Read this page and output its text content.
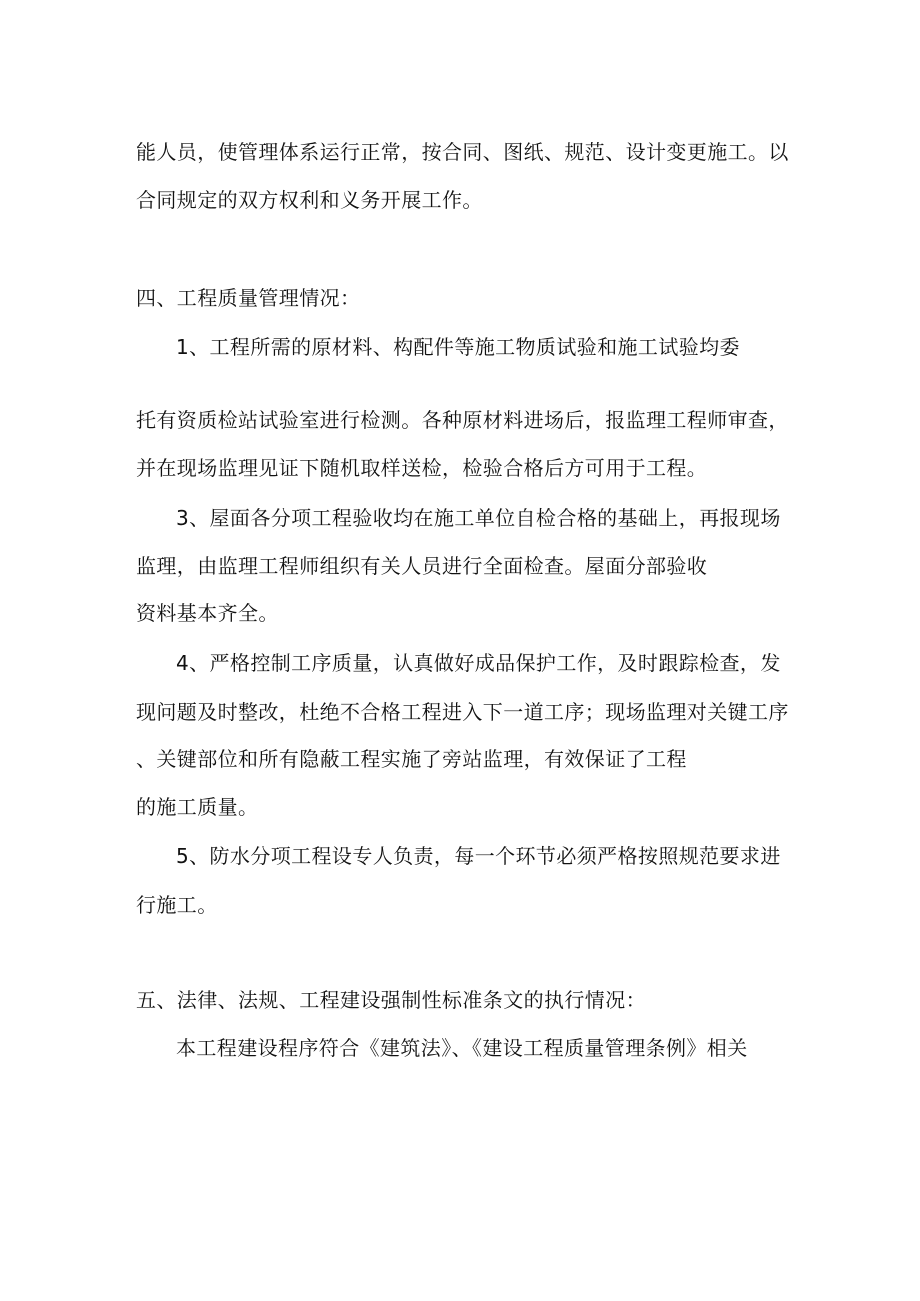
能人员，使管理体系运行正常，按合同、图纸、规范、设计变更施工。以
合同规定的双方权利和义务开展工作。
四、工程质量管理情况：
1、工程所需的原材料、构配件等施工物质试验和施工试验均委
托有资质检站试验室进行检测。各种原材料进场后，报监理工程师审查，
并在现场监理见证下随机取样送检，检验合格后方可用于工程。
3、屋面各分项工程验收均在施工单位自检合格的基础上，再报现场
监理，由监理工程师组织有关人员进行全面检查。屋面分部验收
资料基本齐全。
4、严格控制工序质量，认真做好成品保护工作，及时跟踪检查，发
现问题及时整改，杜绝不合格工程进入下一道工序；现场监理对关键工序
、关键部位和所有隐蔽工程实施了旁站监理，有效保证了工程
的施工质量。
5、防水分项工程设专人负责，每一个环节必须严格按照规范要求进
行施工。
五、法律、法规、工程建设强制性标准条文的执行情况：
本工程建设程序符合《建筑法》、《建设工程质量管理条例》相关
